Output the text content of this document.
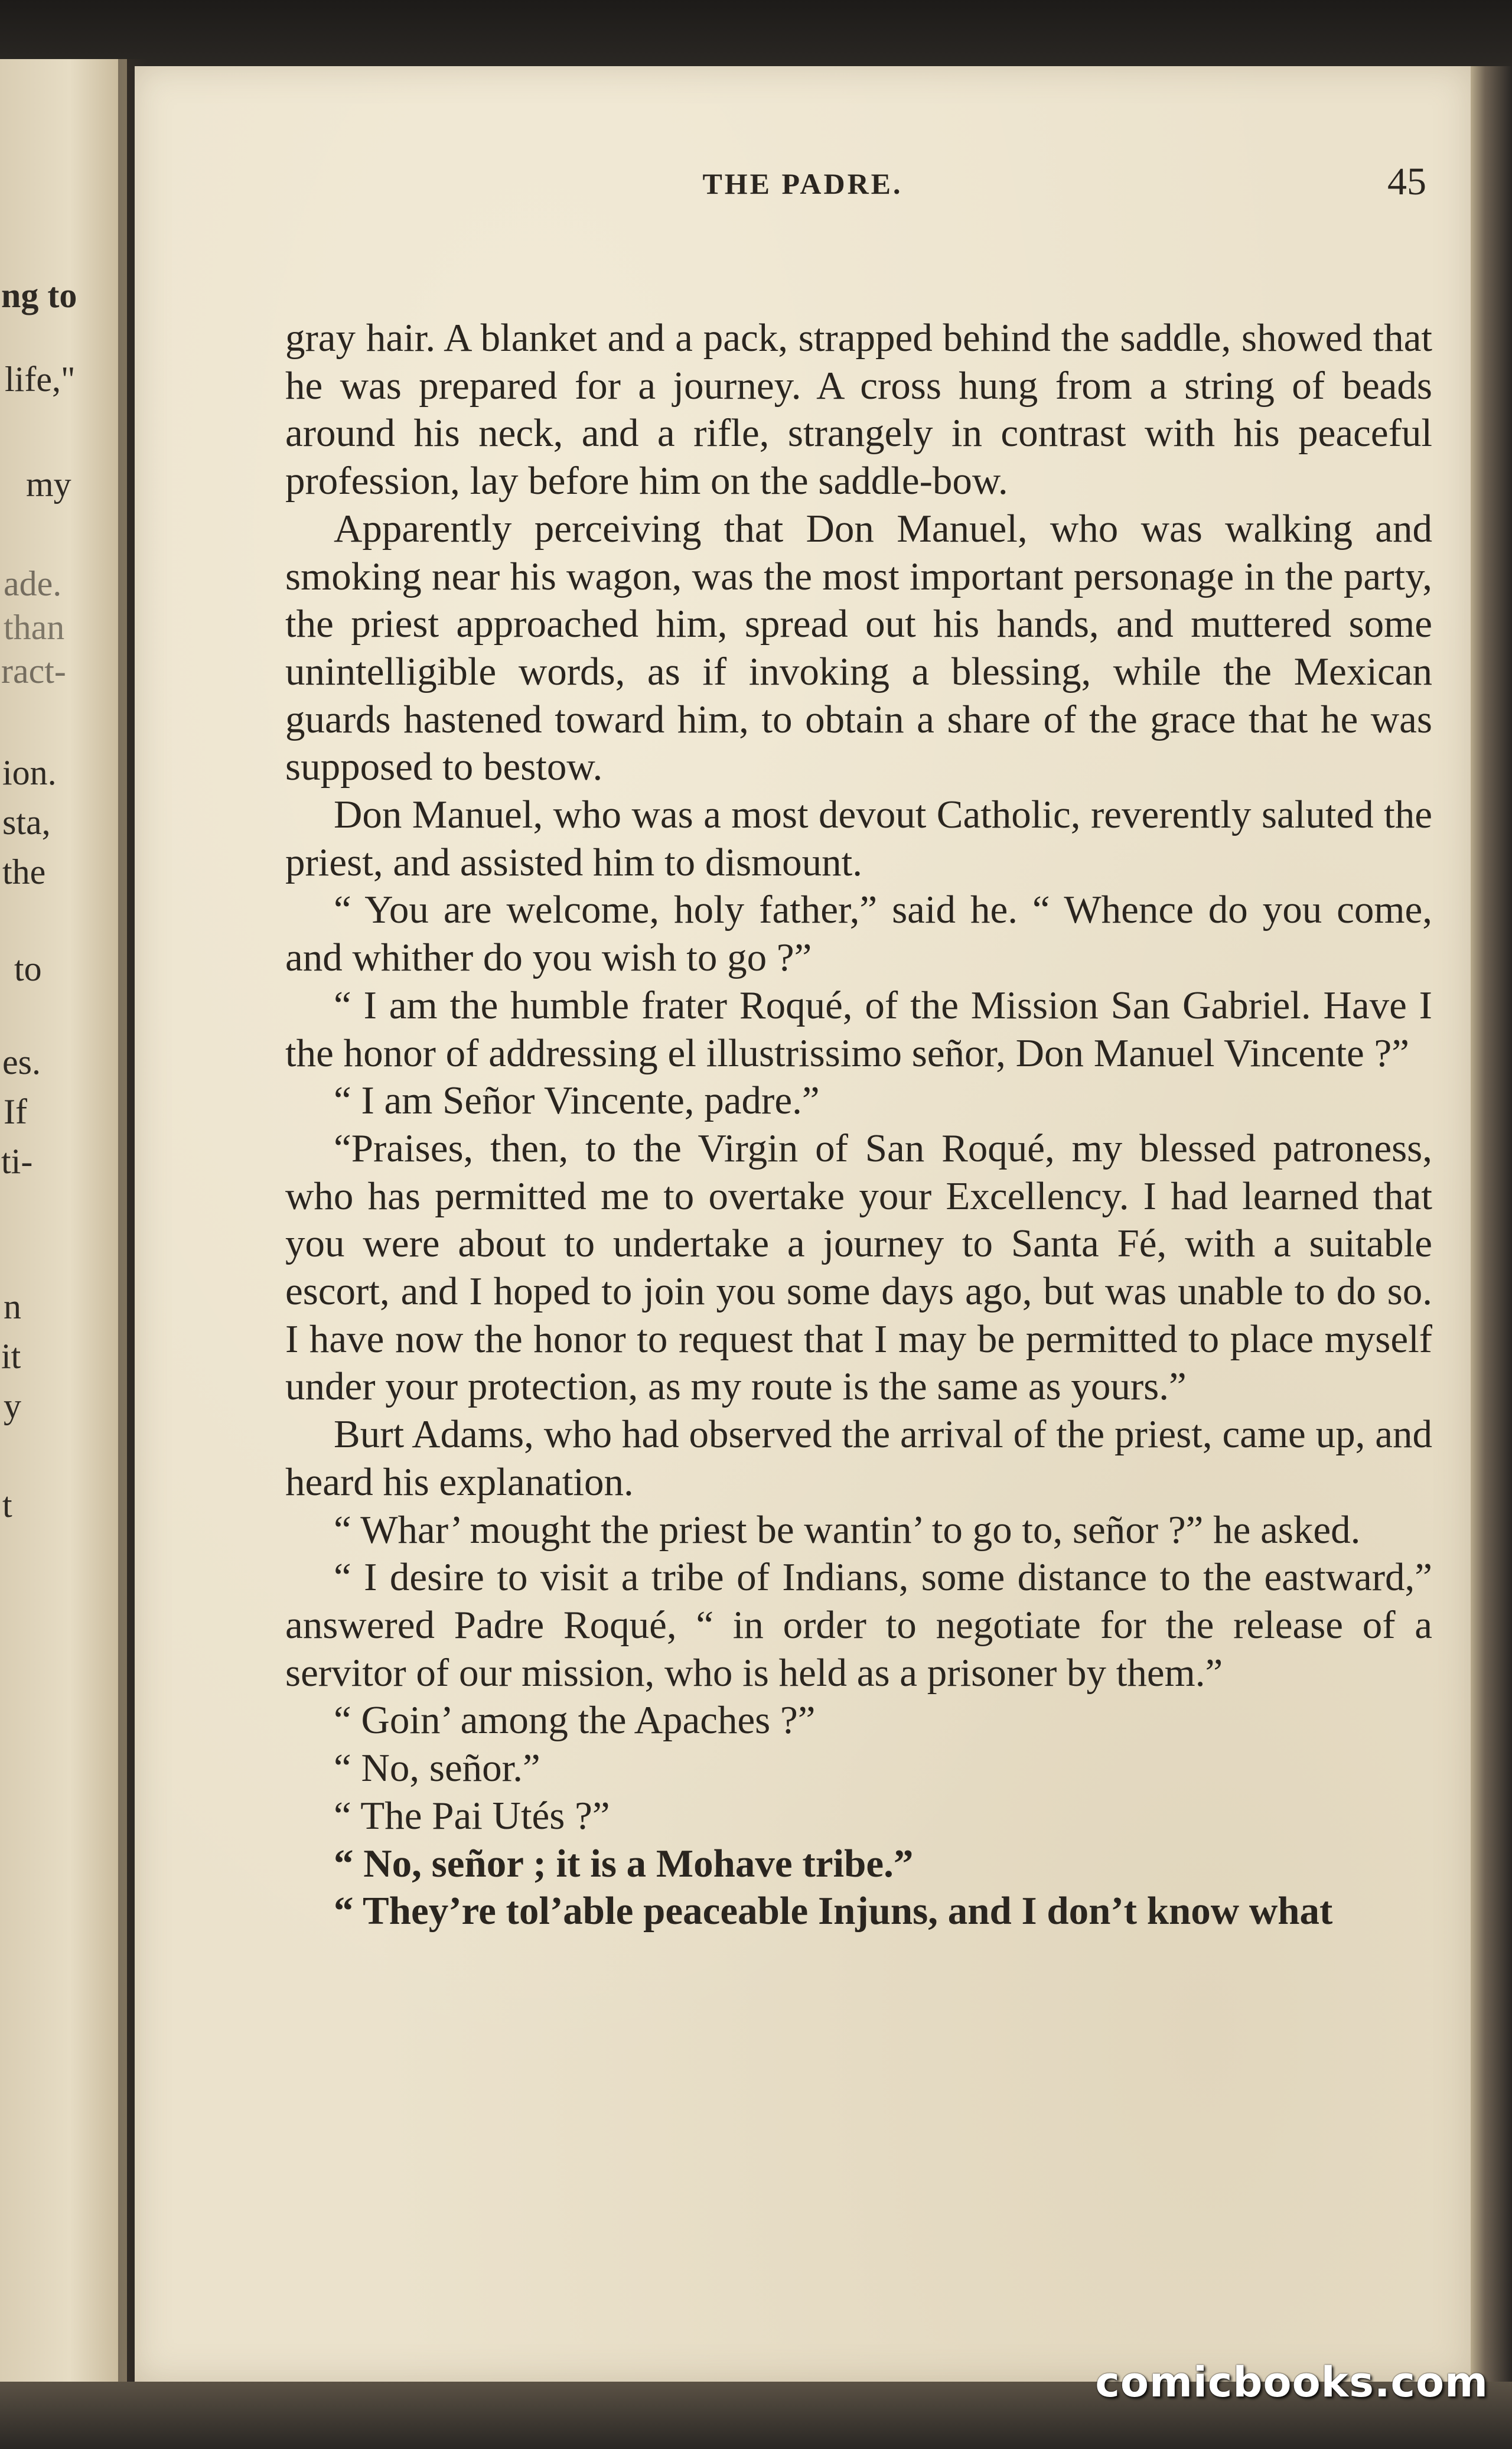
ng to
life,"
my
ade.
than
ract-
ion.
sta,
the
to
es.
If
ti-
n
it
y
t
THE PADRE.	45

gray hair. A blanket and a pack, strapped behind the saddle, showed that he was prepared for a journey. A cross hung from a string of beads around his neck, and a rifle, strangely in contrast with his peaceful profession, lay before him on the saddle-bow.

Apparently perceiving that Don Manuel, who was walking and smoking near his wagon, was the most important personage in the party, the priest approached him, spread out his hands, and muttered some unintelligible words, as if invoking a blessing, while the Mexican guards hastened toward him, to obtain a share of the grace that he was supposed to bestow.

Don Manuel, who was a most devout Catholic, reverently saluted the priest, and assisted him to dismount.

“ You are welcome, holy father,” said he. “ Whence do you come, and whither do you wish to go ?”

“ I am the humble frater Roqué, of the Mission San Gabriel. Have I the honor of addressing el illustrissimo señor, Don Manuel Vincente ?”

“ I am Señor Vincente, padre.”

“Praises, then, to the Virgin of San Roqué, my blessed patroness, who has permitted me to overtake your Excellency. I had learned that you were about to undertake a journey to Santa Fé, with a suitable escort, and I hoped to join you some days ago, but was unable to do so. I have now the honor to request that I may be permitted to place myself under your protection, as my route is the same as yours.”

Burt Adams, who had observed the arrival of the priest, came up, and heard his explanation.

“ Whar’ mought the priest be wantin’ to go to, señor ?” he asked.

“ I desire to visit a tribe of Indians, some distance to the eastward,” answered Padre Roqué, “ in order to negotiate for the release of a servitor of our mission, who is held as a prisoner by them.”

“ Goin’ among the Apaches ?”

“ No, señor.”

“ The Pai Utés ?”

“ No, señor ; it is a Mohave tribe.”

“ They’re tol’able peaceable Injuns, and I don’t know what

comicbooks.com
